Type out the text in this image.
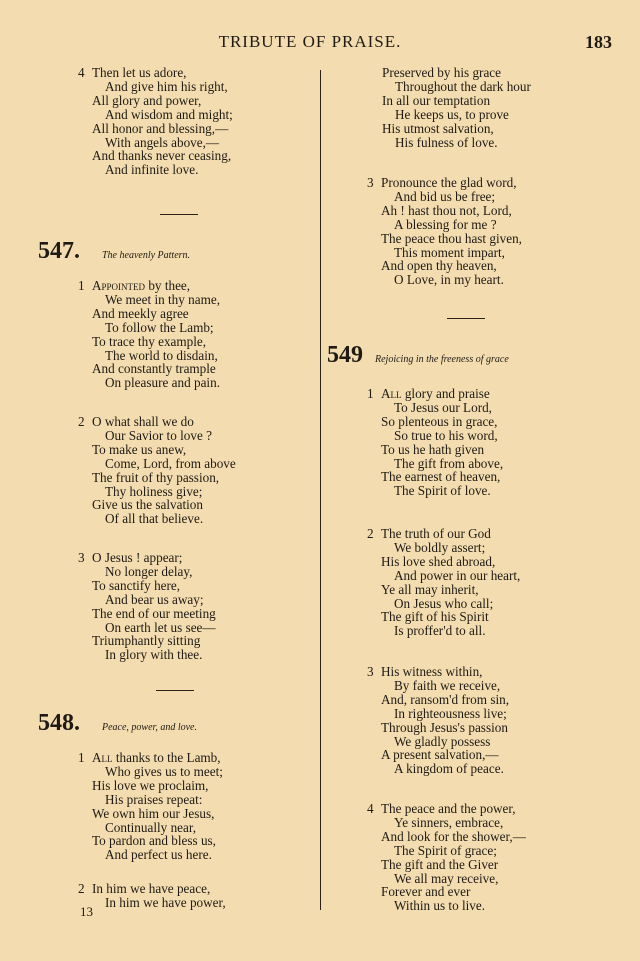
TRIBUTE OF PRAISE.	183
4 Then let us adore,
And give him his right,
All glory and power,
And wisdom and might;
All honor and blessing,—
With angels above,—
And thanks never ceasing,
And infinite love.
547. The heavenly Pattern.
1 Appointed by thee,
We meet in thy name,
And meekly agree
To follow the Lamb;
To trace thy example,
The world to disdain,
And constantly trample
On pleasure and pain.
2 O what shall we do
Our Savior to love ?
To make us anew,
Come, Lord, from above
The fruit of thy passion,
Thy holiness give;
Give us the salvation
Of all that believe.
3 O Jesus ! appear;
No longer delay,
To sanctify here,
And bear us away;
The end of our meeting
On earth let us see—
Triumphantly sitting
In glory with thee.
548. Peace, power, and love.
1 All thanks to the Lamb,
Who gives us to meet;
His love we proclaim,
His praises repeat:
We own him our Jesus,
Continually near,
To pardon and bless us,
And perfect us here.
2 In him we have peace,
In him we have power,
13
Preserved by his grace
Throughout the dark hour
In all our temptation
He keeps us, to prove
His utmost salvation,
His fulness of love.
3 Pronounce the glad word,
And bid us be free;
Ah ! hast thou not, Lord,
A blessing for me ?
The peace thou hast given,
This moment impart,
And open thy heaven,
O Love, in my heart.
549 Rejoicing in the freeness of grace
1 All glory and praise
To Jesus our Lord,
So plenteous in grace,
So true to his word,
To us he hath given
The gift from above,
The earnest of heaven,
The Spirit of love.
2 The truth of our God
We boldly assert;
His love shed abroad,
And power in our heart,
Ye all may inherit,
On Jesus who call;
The gift of his Spirit
Is proffer'd to all.
3 His witness within,
By faith we receive,
And, ransom'd from sin,
In righteousness live;
Through Jesus's passion
We gladly possess
A present salvation,—
A kingdom of peace.
4 The peace and the power,
Ye sinners, embrace,
And look for the shower,—
The Spirit of grace;
The gift and the Giver
We all may receive,
Forever and ever
Within us to live.
